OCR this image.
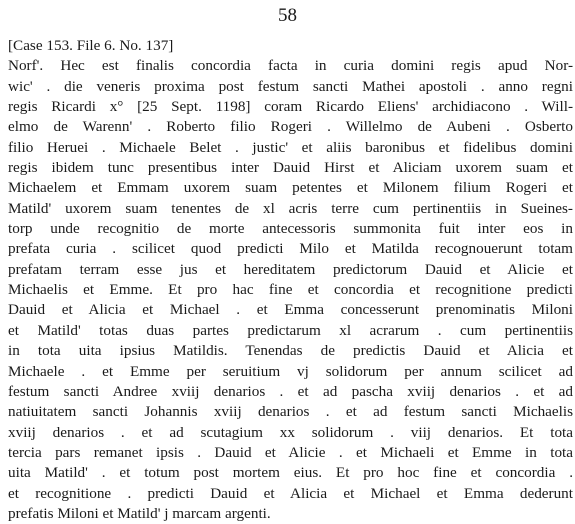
58
[Case 153. File 6. No. 137]
Norf'. Hec est finalis concordia facta in curia domini regis apud Nor-
wic' . die veneris proxima post festum sancti Mathei apostoli . anno regni
regis Ricardi x° [25 Sept. 1198] coram Ricardo Eliens' archidiacono . Will-
elmo de Warenn' . Roberto filio Rogeri . Willelmo de Aubeni . Osberto
filio Heruei . Michaele Belet . justic' et aliis baronibus et fidelibus domini
regis ibidem tunc presentibus inter Dauid Hirst et Aliciam uxorem suam et
Michaelem et Emmam uxorem suam petentes et Milonem filium Rogeri et
Matild' uxorem suam tenentes de xl acris terre cum pertinentiis in Sueines-
torp unde recognitio de morte antecessoris summonita fuit inter eos in
prefata curia . scilicet quod predicti Milo et Matilda recognouerunt totam
prefatam terram esse jus et hereditatem predictorum Dauid et Alicie et
Michaelis et Emme. Et pro hac fine et concordia et recognitione predicti
Dauid et Alicia et Michael . et Emma concesserunt prenominatis Miloni
et Matild' totas duas partes predictarum xl acrarum . cum pertinentiis
in tota uita ipsius Matildis. Tenendas de predictis Dauid et Alicia et
Michaele . et Emme per seruitium vj solidorum per annum scilicet ad
festum sancti Andree xviij denarios . et ad pascha xviij denarios . et ad
natiuitatem sancti Johannis xviij denarios . et ad festum sancti Michaelis
xviij denarios . et ad scutagium xx solidorum . viij denarios. Et tota
tercia pars remanet ipsis . Dauid et Alicie . et Michaeli et Emme in tota
uita Matild' . et totum post mortem eius. Et pro hoc fine et concordia .
et recognitione . predicti Dauid et Alicia et Michael et Emma dederunt
prefatis Miloni et Matild' j marcam argenti.
